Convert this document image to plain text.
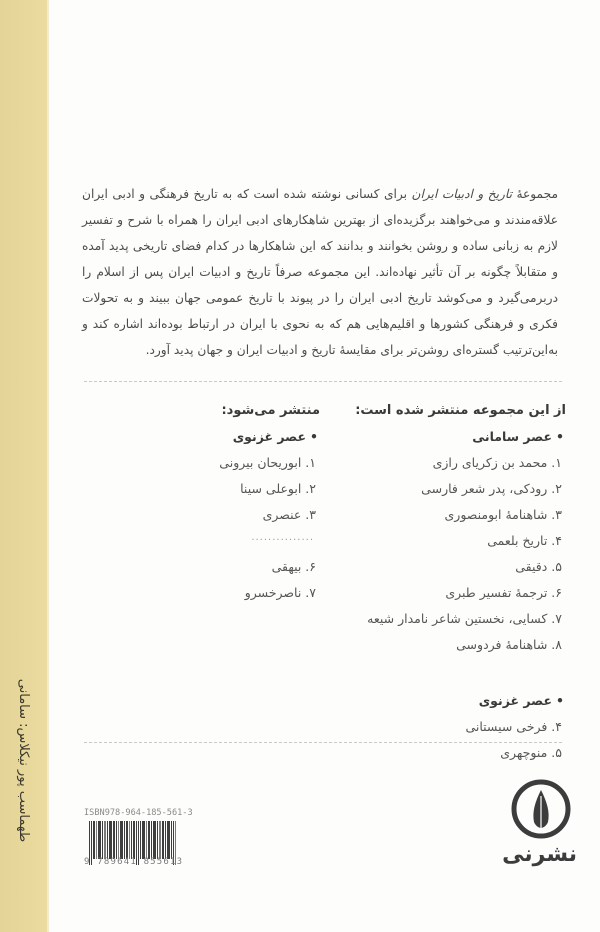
طهماسب‌ پور نیکلاس: سامانی
مجموعهٔ تاریخ و ادبیات ایران برای کسانی نوشته شده است که به تاریخ فرهنگی و ادبی ایران علاقه‌مندند و می‌خواهند برگزیده‌ای از بهترین شاهکارهای ادبی ایران را همراه با شرح و تفسیر لازم به زبانی ساده و روشن بخوانند و بدانند که این شاهکارها در کدام فضای تاریخی پدید آمده و متقابلاً چگونه بر آن تأثیر نهاده‌اند. این مجموعه صرفاً تاریخ و ادبیات ایران پس از اسلام را دربرمی‌گیرد و می‌کوشد تاریخ ادبی ایران را در پیوند با تاریخ عمومی جهان ببیند و به تحولات فکری و فرهنگی کشورها و اقلیم‌هایی هم که به نحوی با ایران در ارتباط بوده‌اند اشاره کند و به‌این‌ترتیب گستره‌ای روشن‌تر برای مقایسهٔ تاریخ و ادبیات ایران و جهان پدید آورد.
از این مجموعه منتشر شده است:
•عصر سامانی
۱. محمد بن زکریای رازی
۲. رودکی، پدر شعر فارسی
۳. شاهنامهٔ ابومنصوری
۴. تاریخ بلعمی
۵. دقیقی
۶. ترجمهٔ تفسیر طبری
۷. کسایی، نخستین شاعر نامدار شیعه
۸. شاهنامهٔ فردوسی
•عصر غزنوی
۴. فرخی سیستانی
۵. منوچهری
منتشر می‌شود:
•عصر غزنوی
۱. ابوریحان بیرونی
۲. ابوعلی سینا
۳. عنصری
...............
۶. بیهقی
۷. ناصرخسرو
ISBN978-964-185-561-3
9 789641 855613	نشرنی
